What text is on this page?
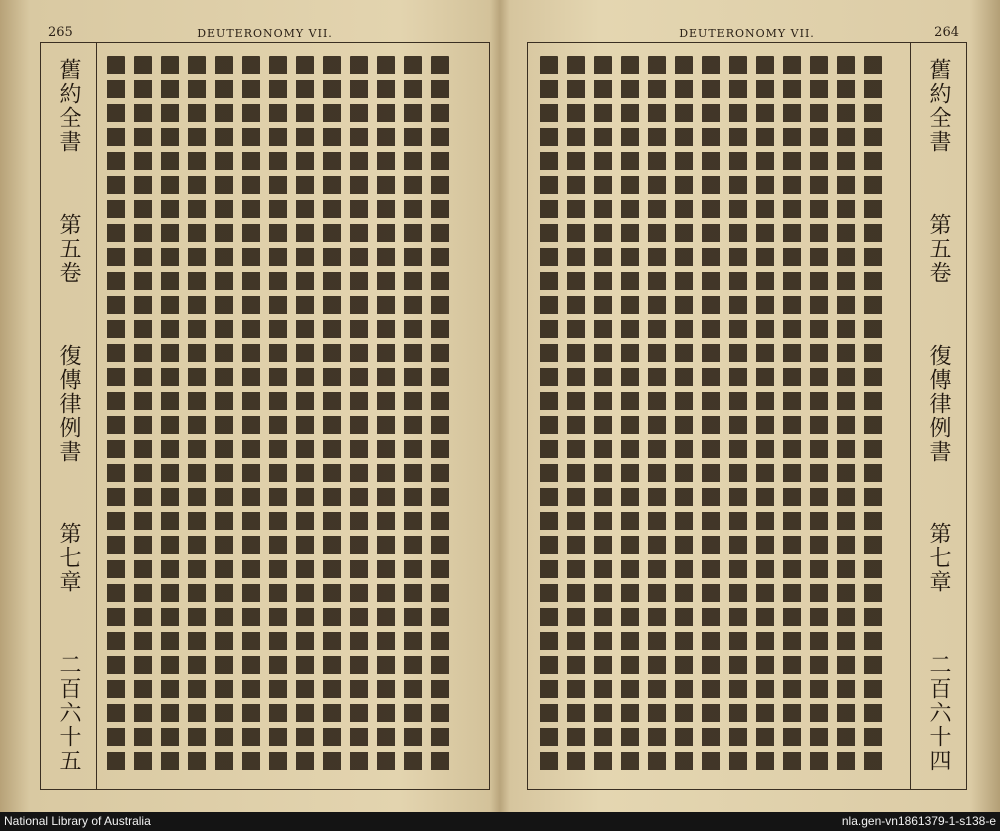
265	DEUTERONOMY VII.
舊約全書
第五卷
復傳律例書
第七章
二百六十五
DEUTERONOMY VII.	264
舊約全書
第五卷
復傳律例書
第七章
二百六十四
National Library of Australia	nla.gen-vn1861379-1-s138-e
